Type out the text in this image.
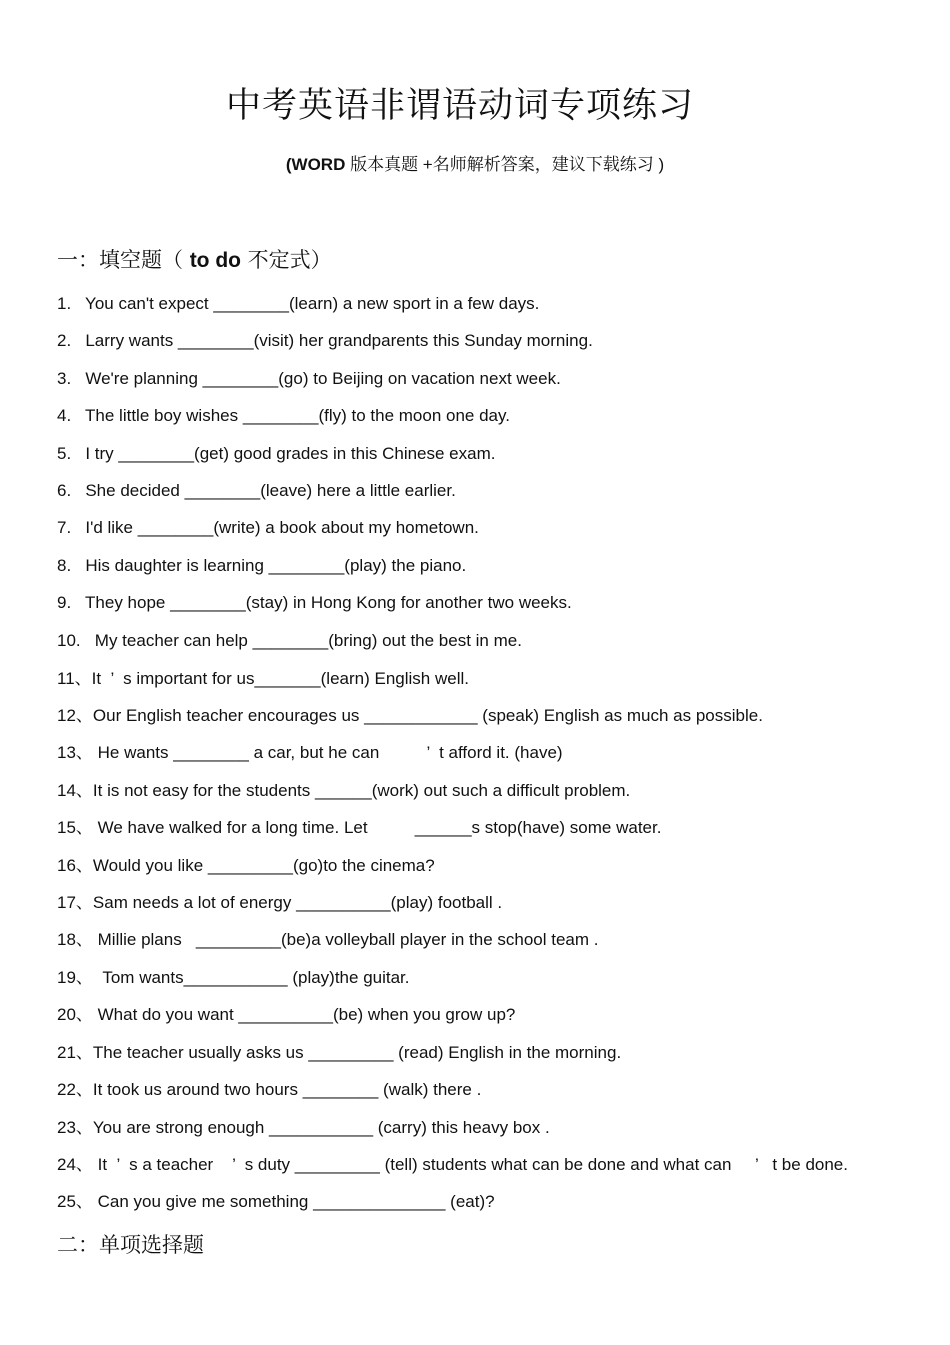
中考英语非谓语动词专项练习
(WORD 版本真题 +名师解析答案，建议下载练习 )
一：填空题（ to do 不定式）
1.   You can't expect ________(learn) a new sport in a few days.
2.   Larry wants ________(visit) her grandparents this Sunday morning.
3.   We're planning ________(go) to Beijing on vacation next week.
4.   The little boy wishes ________(fly) to the moon one day.
5.   I try ________(get) good grades in this Chinese exam.
6.   She decided ________(leave) here a little earlier.
7.   I'd like ________(write) a book about my hometown.
8.   His daughter is learning ________(play) the piano.
9.   They hope ________(stay) in Hong Kong for another two weeks.
10.   My teacher can help ________(bring) out the best in me.
11、It  ’  s important for us_______(learn) English well.
12、Our English teacher encourages us ____________ (speak) English as much as possible.
13、 He wants ________ a car, but he can          ’  t afford it. (have)
14、It is not easy for the students ______(work) out such a difficult problem.
15、 We have walked for a long time. Let          ______s stop(have) some water.
16、Would you like _________(go)to the cinema?
17、Sam needs a lot of energy __________(play) football .
18、 Millie plans   _________(be)a volleyball player in the school team .
19、  Tom wants___________ (play)the guitar.
20、 What do you want __________(be) when you grow up?
21、The teacher usually asks us _________ (read) English in the morning.
22、It took us around two hours ________ (walk) there .
23、You are strong enough ___________ (carry) this heavy box .
24、 It  ’  s a teacher    ’  s duty _________ (tell) students what can be done and what can     ’   t be done.
25、 Can you give me something ______________ (eat)?
二：单项选择题
